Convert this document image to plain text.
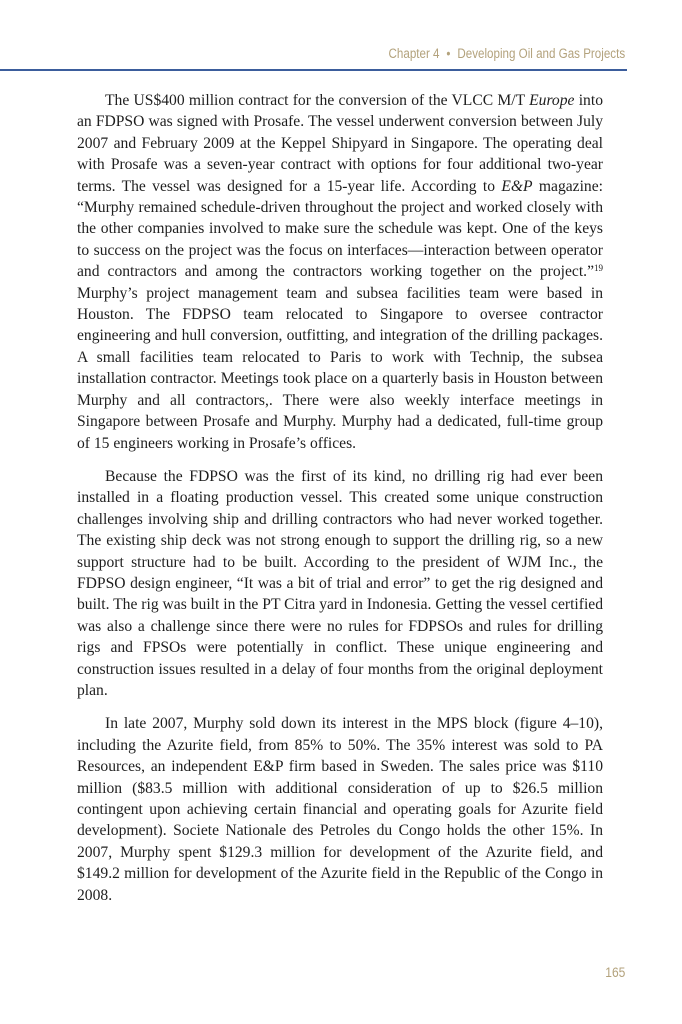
Chapter 4 • Developing Oil and Gas Projects

The US$400 million contract for the conversion of the VLCC M/T Europe into an FDPSO was signed with Prosafe. The vessel underwent conversion between July 2007 and February 2009 at the Keppel Shipyard in Singapore. The operating deal with Prosafe was a seven-year contract with options for four additional two-year terms. The vessel was designed for a 15-year life. According to E&P magazine: “Murphy remained schedule-driven throughout the project and worked closely with the other companies involved to make sure the schedule was kept. One of the keys to success on the project was the focus on interfaces—interaction between operator and contractors and among the contractors working together on the project.”$^{19}$ Murphy’s project management team and subsea facilities team were based in Houston. The FDPSO team relocated to Singapore to oversee contractor engineering and hull conversion, outfitting, and integration of the drilling packages. A small facilities team relocated to Paris to work with Technip, the subsea installation contractor. Meetings took place on a quarterly basis in Houston between Murphy and all contractors,. There were also weekly interface meetings in Singapore between Prosafe and Murphy. Murphy had a dedicated, full-time group of 15 engineers working in Prosafe’s offices.

Because the FDPSO was the first of its kind, no drilling rig had ever been installed in a floating production vessel. This created some unique construction challenges involving ship and drilling contractors who had never worked together. The existing ship deck was not strong enough to support the drilling rig, so a new support structure had to be built. According to the president of WJM Inc., the FDPSO design engineer, “It was a bit of trial and error” to get the rig designed and built. The rig was built in the PT Citra yard in Indonesia. Getting the vessel certified was also a challenge since there were no rules for FDPSOs and rules for drilling rigs and FPSOs were potentially in conflict. These unique engineering and construction issues resulted in a delay of four months from the original deployment plan.

In late 2007, Murphy sold down its interest in the MPS block (figure 4–10), including the Azurite field, from 85% to 50%. The 35% interest was sold to PA Resources, an independent E&P firm based in Sweden. The sales price was $110 million ($83.5 million with additional consideration of up to $26.5 million contingent upon achieving certain financial and operating goals for Azurite field development). Societe Nationale des Petroles du Congo holds the other 15%. In 2007, Murphy spent $129.3 million for development of the Azurite field, and $149.2 million for development of the Azurite field in the Republic of the Congo in 2008.

165
